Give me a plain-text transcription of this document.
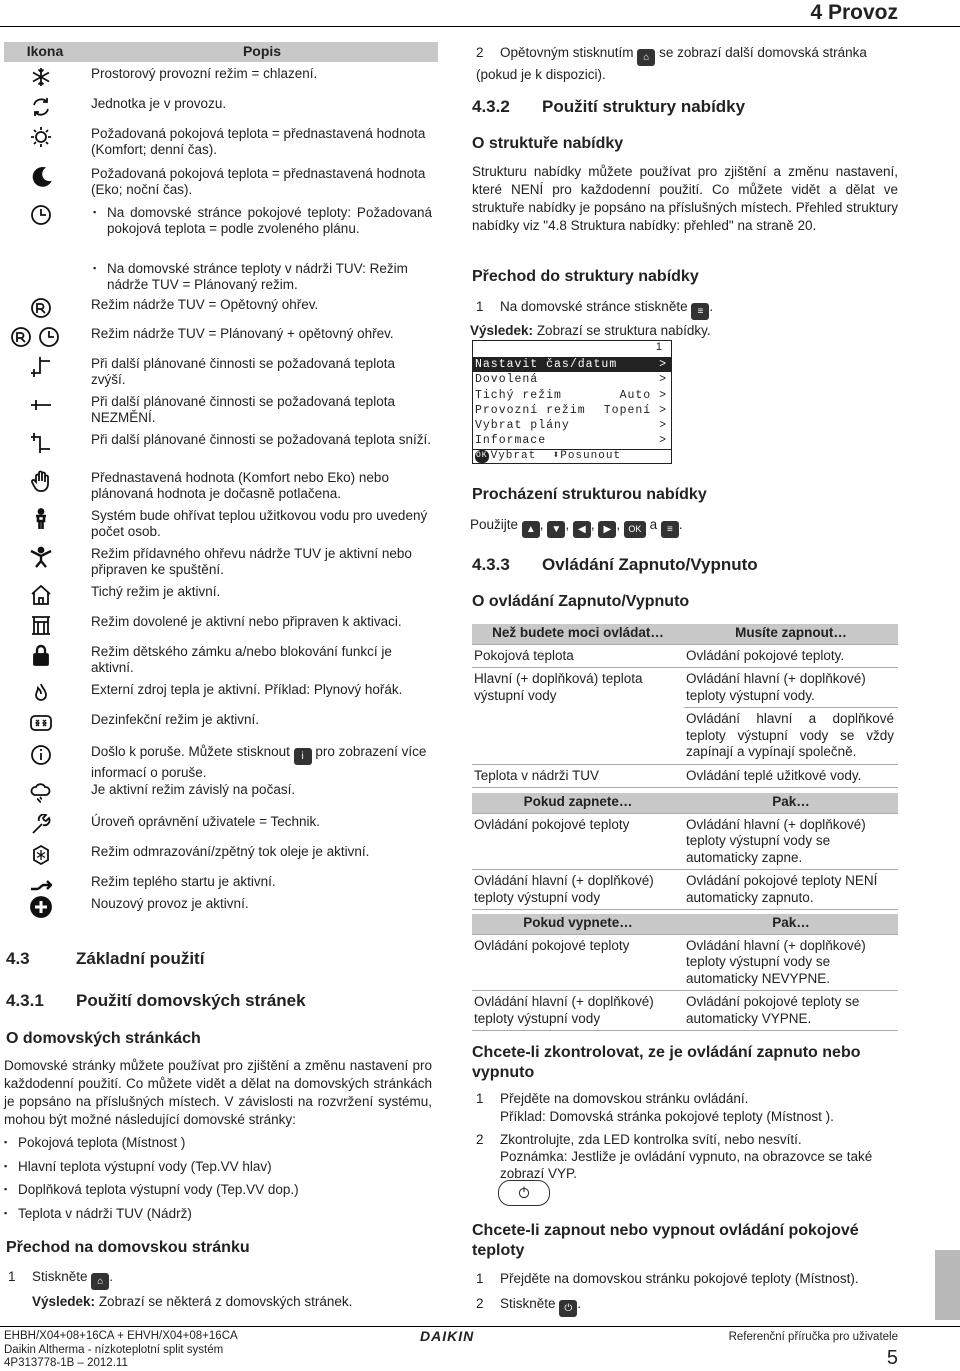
4 Provoz
Ikona	Popis
Prostorový provozní režim = chlazení.
Jednotka je v provozu.
Požadovaná pokojová teplota = přednastavená hodnota (Komfort; denní čas).
Požadovaná pokojová teplota = přednastavená hodnota (Eko; noční čas).
▪ Na domovské stránce pokojové teploty: Požadovaná pokojová teplota = podle zvoleného plánu.
▪ Na domovské stránce teploty v nádrži TUV: Režim nádrže TUV = Plánovaný režim.
Režim nádrže TUV = Opětovný ohřev.
Režim nádrže TUV = Plánovaný + opětovný ohřev.
Při další plánované činnosti se požadovaná teplota zvýší.
Při další plánované činnosti se požadovaná teplota NEZMĚNÍ.
Při další plánované činnosti se požadovaná teplota sníží.
Přednastavená hodnota (Komfort nebo Eko) nebo plánovaná hodnota je dočasně potlačena.
Systém bude ohřívat teplou užitkovou vodu pro uvedený počet osob.
Režim přídavného ohřevu nádrže TUV je aktivní nebo připraven ke spuštění.
Tichý režim je aktivní.
Režim dovolené je aktivní nebo připraven k aktivaci.
Režim dětského zámku a/nebo blokování funkcí je aktivní.
Externí zdroj tepla je aktivní. Příklad: Plynový hořák.
Dezinfekční režim je aktivní.
Došlo k poruše. Můžete stisknout i pro zobrazení více informací o poruše.
Je aktivní režim závislý na počasí.
Úroveň oprávnění uživatele = Technik.
Režim odmrazování/zpětný tok oleje je aktivní.
Režim teplého startu je aktivní.
Nouzový provoz je aktivní.
4.3	Základní použití
4.3.1 Použití domovských stránek
O domovských stránkách
Domovské stránky můžete používat pro zjištění a změnu nastavení pro každodenní použití. Co můžete vidět a dělat na domovských stránkách je popsáno na příslušných místech. V závislosti na rozvržení systému, mohou být možné následující domovské stránky:
▪ Pokojová teplota (Místnost )
▪ Hlavní teplota výstupní vody (Tep.VV hlav)
▪ Doplňková teplota výstupní vody (Tep.VV dop.)
▪ Teplota v nádrži TUV (Nádrž)
Přechod na domovskou stránku
1 Stiskněte ⌂ .
Výsledek: Zobrazí se některá z domovských stránek.
2 Opětovným stisknutím ⌂ se zobrazí další domovská stránka (pokud je k dispozici).
4.3.2 Použití struktury nabídky
O struktuře nabídky
Strukturu nabídky můžete používat pro zjištění a změnu nastavení, které NENÍ pro každodenní použití. Co můžete vidět a dělat ve struktuře nabídky je popsáno na příslušných místech. Přehled struktury nabídky viz "4.8 Struktura nabídky: přehled" na straně 20.
Přechod do struktury nabídky
1 Na domovské stránce stiskněte ≡ .
Výsledek: Zobrazí se struktura nabídky.
1
Nastavit čas/datum	>
Dovolená	>
Tichý režim	Auto >
Provozní režim Topení >
Vybrat plány	>
Informace	>
OK Vybrat	⬍ Posunout
Procházení strukturou nabídky
Použijte ▲ , ▼ , ◀ , ▶ , OK a ≡ .
4.3.3 Ovládání Zapnuto/Vypnuto
O ovládání Zapnuto/Vypnuto
Než budete moci ovládat…	Musíte zapnout…
Pokojová teplota	Ovládání pokojové teploty.
Hlavní (+ doplňková) teplota výstupní vody	Ovládání hlavní (+ doplňkové) teploty výstupní vody.
	Ovládání hlavní a doplňkové teploty výstupní vody se vždy zapínají a vypínají společně.
Teplota v nádrži TUV	Ovládání teplé užitkové vody.
Pokud zapnete…	Pak…
Ovládání pokojové teploty	Ovládání hlavní (+ doplňkové) teploty výstupní vody se automaticky zapne.
Ovládání hlavní (+ doplňkové) teploty výstupní vody	Ovládání pokojové teploty NENÍ automaticky zapnuto.
Pokud vypnete…	Pak…
Ovládání pokojové teploty	Ovládání hlavní (+ doplňkové) teploty výstupní vody se automaticky NEVYPNE.
Ovládání hlavní (+ doplňkové) teploty výstupní vody	Ovládání pokojové teploty se automaticky VYPNE.
Chcete-li zkontrolovat, ze je ovládání zapnuto nebo vypnuto
1 Přejděte na domovskou stránku ovládání.
Příklad: Domovská stránka pokojové teploty (Místnost ).
2 Zkontrolujte, zda LED kontrolka svítí, nebo nesvítí.
Poznámka: Jestliže je ovládání vypnuto, na obrazovce se také zobrazí VYP.
Chcete-li zapnout nebo vypnout ovládání pokojové teploty
1 Přejděte na domovskou stránku pokojové teploty (Místnost).
2 Stiskněte ⏻ .
EHBH/X04+08+16CA + EHVH/X04+08+16CA
Daikin Altherma - nízkoteplotní split systém
4P313778-1B – 2012.11
DAIKIN	Referenční příručka pro uživatele
5
